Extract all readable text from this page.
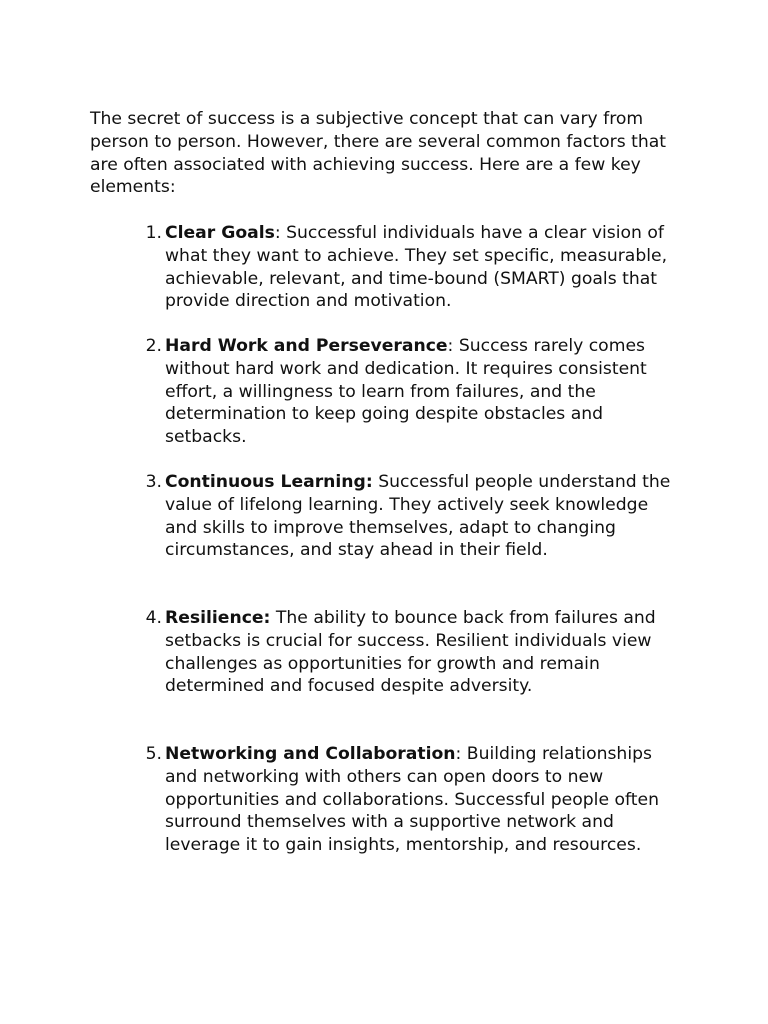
The secret of success is a subjective concept that can vary from person to person. However, there are several common factors that are often associated with achieving success. Here are a few key elements:

1. Clear Goals: Successful individuals have a clear vision of what they want to achieve. They set specific, measurable, achievable, relevant, and time-bound (SMART) goals that provide direction and motivation.

2. Hard Work and Perseverance: Success rarely comes without hard work and dedication. It requires consistent effort, a willingness to learn from failures, and the determination to keep going despite obstacles and setbacks.

3. Continuous Learning: Successful people understand the value of lifelong learning. They actively seek knowledge and skills to improve themselves, adapt to changing circumstances, and stay ahead in their field.

4. Resilience: The ability to bounce back from failures and setbacks is crucial for success. Resilient individuals view challenges as opportunities for growth and remain determined and focused despite adversity.

5. Networking and Collaboration: Building relationships and networking with others can open doors to new opportunities and collaborations. Successful people often surround themselves with a supportive network and leverage it to gain insights, mentorship, and resources.
